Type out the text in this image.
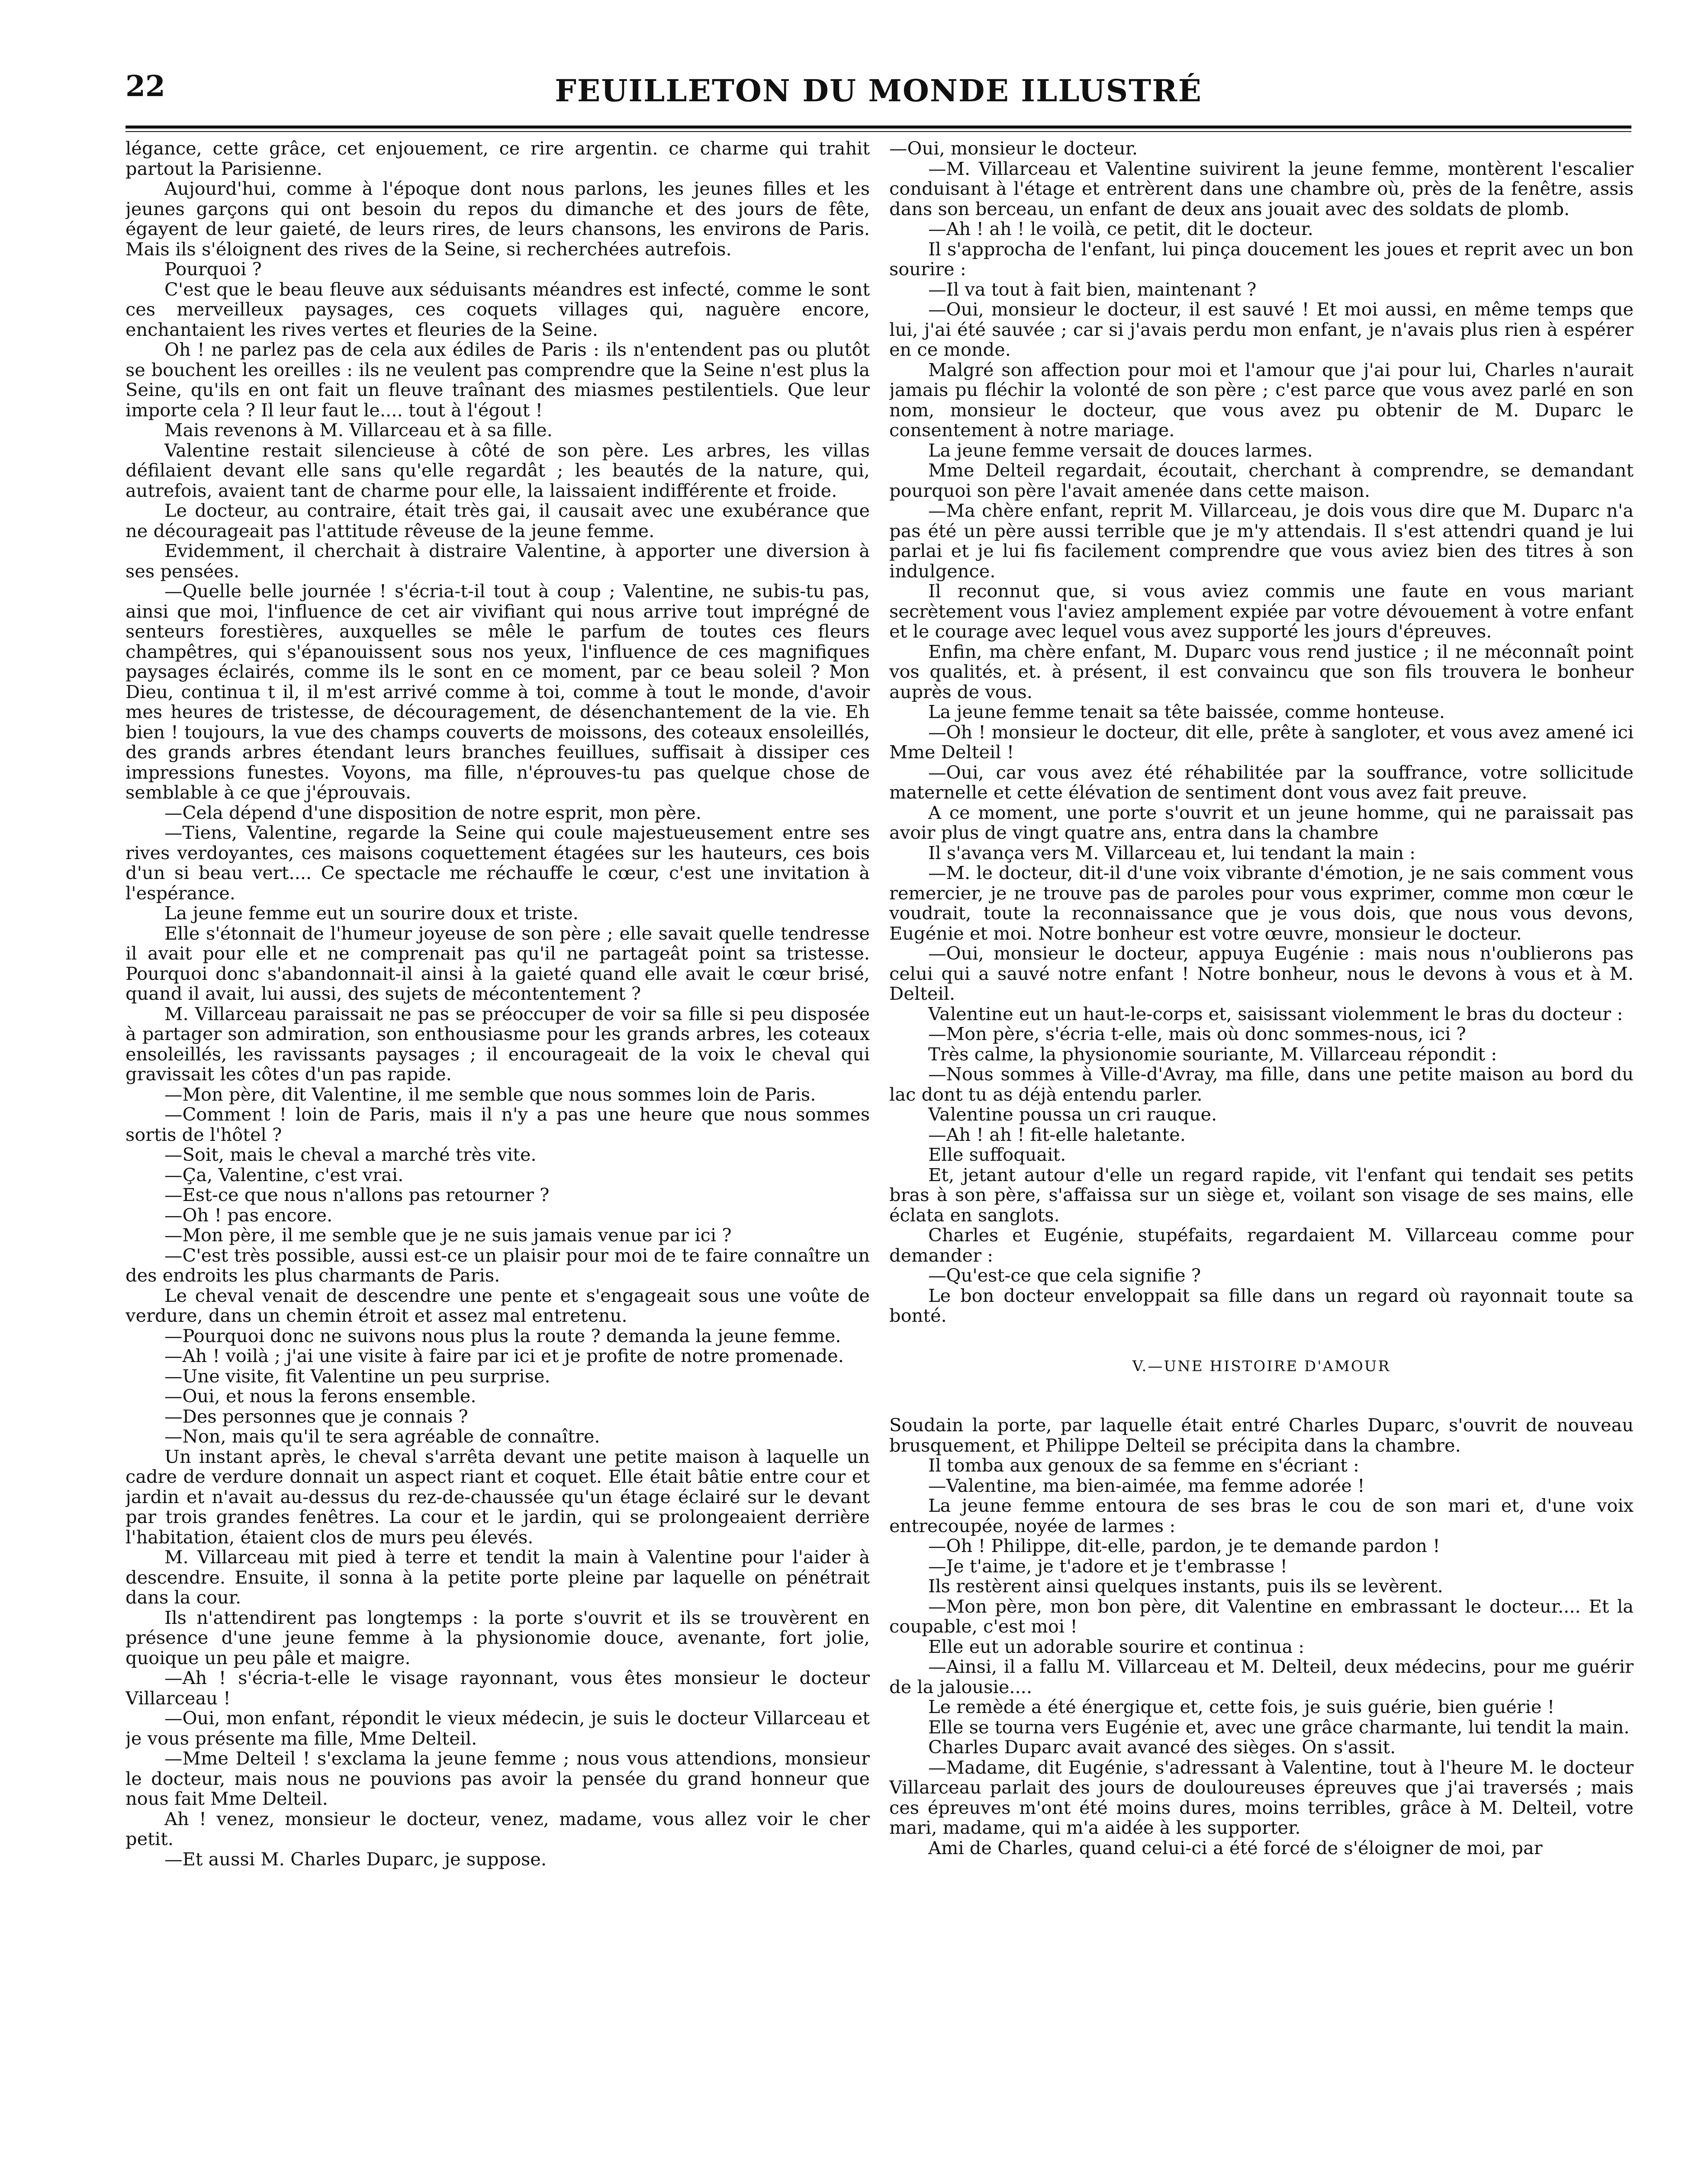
22	FEUILLETON DU MONDE ILLUSTRÉ

légance, cette grâce, cet enjouement, ce rire argentin. ce charme qui trahit partout la Parisienne.

Aujourd'hui, comme à l'époque dont nous parlons, les jeunes filles et les jeunes garçons qui ont besoin du repos du dimanche et des jours de fête, égayent de leur gaieté, de leurs rires, de leurs chansons, les environs de Paris. Mais ils s'éloignent des rives de la Seine, si recherchées autrefois.

Pourquoi ?

C'est que le beau fleuve aux séduisants méandres est infecté, comme le sont ces merveilleux paysages, ces coquets villages qui, naguère encore, enchantaient les rives vertes et fleuries de la Seine.

Oh ! ne parlez pas de cela aux édiles de Paris : ils n'entendent pas ou plutôt se bouchent les oreilles : ils ne veulent pas comprendre que la Seine n'est plus la Seine, qu'ils en ont fait un fleuve traînant des miasmes pestilentiels. Que leur importe cela ? Il leur faut le.... tout à l'égout !

Mais revenons à M. Villarceau et à sa fille.

Valentine restait silencieuse à côté de son père. Les arbres, les villas défilaient devant elle sans qu'elle regardât ; les beautés de la nature, qui, autrefois, avaient tant de charme pour elle, la laissaient indifférente et froide.

Le docteur, au contraire, était très gai, il causait avec une exubérance que ne décourageait pas l'attitude rêveuse de la jeune femme.

Evidemment, il cherchait à distraire Valentine, à apporter une diversion à ses pensées.

—Quelle belle journée ! s'écria-t-il tout à coup ; Valentine, ne subis-tu pas, ainsi que moi, l'influence de cet air vivifiant qui nous arrive tout imprégné de senteurs forestières, auxquelles se mêle le parfum de toutes ces fleurs champêtres, qui s'épanouissent sous nos yeux, l'influence de ces magnifiques paysages éclairés, comme ils le sont en ce moment, par ce beau soleil ? Mon Dieu, continua t il, il m'est arrivé comme à toi, comme à tout le monde, d'avoir mes heures de tristesse, de découragement, de désenchantement de la vie. Eh bien ! toujours, la vue des champs couverts de moissons, des coteaux ensoleillés, des grands arbres étendant leurs branches feuillues, suffisait à dissiper ces impressions funestes. Voyons, ma fille, n'éprouves-tu pas quelque chose de semblable à ce que j'éprouvais.

—Cela dépend d'une disposition de notre esprit, mon père.

—Tiens, Valentine, regarde la Seine qui coule majestueusement entre ses rives verdoyantes, ces maisons coquettement étagées sur les hauteurs, ces bois d'un si beau vert.... Ce spectacle me réchauffe le cœur, c'est une invitation à l'espérance.

La jeune femme eut un sourire doux et triste.

Elle s'étonnait de l'humeur joyeuse de son père ; elle savait quelle tendresse il avait pour elle et ne comprenait pas qu'il ne partageât point sa tristesse. Pourquoi donc s'abandonnait-il ainsi à la gaieté quand elle avait le cœur brisé, quand il avait, lui aussi, des sujets de mécontentement ?

M. Villarceau paraissait ne pas se préoccuper de voir sa fille si peu disposée à partager son admiration, son enthousiasme pour les grands arbres, les coteaux ensoleillés, les ravissants paysages ; il encourageait de la voix le cheval qui gravissait les côtes d'un pas rapide.

—Mon père, dit Valentine, il me semble que nous sommes loin de Paris.

—Comment ! loin de Paris, mais il n'y a pas une heure que nous sommes sortis de l'hôtel ?

—Soit, mais le cheval a marché très vite.

—Ça, Valentine, c'est vrai.

—Est-ce que nous n'allons pas retourner ?

—Oh ! pas encore.

—Mon père, il me semble que je ne suis jamais venue par ici ?

—C'est très possible, aussi est-ce un plaisir pour moi de te faire connaître un des endroits les plus charmants de Paris.

Le cheval venait de descendre une pente et s'engageait sous une voûte de verdure, dans un chemin étroit et assez mal entretenu.

—Pourquoi donc ne suivons nous plus la route ? demanda la jeune femme.

—Ah ! voilà ; j'ai une visite à faire par ici et je profite de notre promenade.

—Une visite, fit Valentine un peu surprise.

—Oui, et nous la ferons ensemble.

—Des personnes que je connais ?

—Non, mais qu'il te sera agréable de connaître.

Un instant après, le cheval s'arrêta devant une petite maison à laquelle un cadre de verdure donnait un aspect riant et coquet. Elle était bâtie entre cour et jardin et n'avait au-dessus du rez-de-chaussée qu'un étage éclairé sur le devant par trois grandes fenêtres. La cour et le jardin, qui se prolongeaient derrière l'habitation, étaient clos de murs peu élevés.

M. Villarceau mit pied à terre et tendit la main à Valentine pour l'aider à descendre. Ensuite, il sonna à la petite porte pleine par laquelle on pénétrait dans la cour.

Ils n'attendirent pas longtemps : la porte s'ouvrit et ils se trouvèrent en présence d'une jeune femme à la physionomie douce, avenante, fort jolie, quoique un peu pâle et maigre.

—Ah ! s'écria-t-elle le visage rayonnant, vous êtes monsieur le docteur Villarceau !

—Oui, mon enfant, répondit le vieux médecin, je suis le docteur Villarceau et je vous présente ma fille, Mme Delteil.

—Mme Delteil ! s'exclama la jeune femme ; nous vous attendions, monsieur le docteur, mais nous ne pouvions pas avoir la pensée du grand honneur que nous fait Mme Delteil.

Ah ! venez, monsieur le docteur, venez, madame, vous allez voir le cher petit.

—Et aussi M. Charles Duparc, je suppose.

—Oui, monsieur le docteur.

—M. Villarceau et Valentine suivirent la jeune femme, montèrent l'escalier conduisant à l'étage et entrèrent dans une chambre où, près de la fenêtre, assis dans son berceau, un enfant de deux ans jouait avec des soldats de plomb.

—Ah ! ah ! le voilà, ce petit, dit le docteur.

Il s'approcha de l'enfant, lui pinça doucement les joues et reprit avec un bon sourire :

—Il va tout à fait bien, maintenant ?

—Oui, monsieur le docteur, il est sauvé ! Et moi aussi, en même temps que lui, j'ai été sauvée ; car si j'avais perdu mon enfant, je n'avais plus rien à espérer en ce monde.

Malgré son affection pour moi et l'amour que j'ai pour lui, Charles n'aurait jamais pu fléchir la volonté de son père ; c'est parce que vous avez parlé en son nom, monsieur le docteur, que vous avez pu obtenir de M. Duparc le consentement à notre mariage.

La jeune femme versait de douces larmes.

Mme Delteil regardait, écoutait, cherchant à comprendre, se demandant pourquoi son père l'avait amenée dans cette maison.

—Ma chère enfant, reprit M. Villarceau, je dois vous dire que M. Duparc n'a pas été un père aussi terrible que je m'y attendais. Il s'est attendri quand je lui parlai et je lui fis facilement comprendre que vous aviez bien des titres à son indulgence.

Il reconnut que, si vous aviez commis une faute en vous mariant secrètement vous l'aviez amplement expiée par votre dévouement à votre enfant et le courage avec lequel vous avez supporté les jours d'épreuves.

Enfin, ma chère enfant, M. Duparc vous rend justice ; il ne méconnaît point vos qualités, et. à présent, il est convaincu que son fils trouvera le bonheur auprès de vous.

La jeune femme tenait sa tête baissée, comme honteuse.

—Oh ! monsieur le docteur, dit elle, prête à sangloter, et vous avez amené ici Mme Delteil !

—Oui, car vous avez été réhabilitée par la souffrance, votre sollicitude maternelle et cette élévation de sentiment dont vous avez fait preuve.

A ce moment, une porte s'ouvrit et un jeune homme, qui ne paraissait pas avoir plus de vingt quatre ans, entra dans la chambre

Il s'avança vers M. Villarceau et, lui tendant la main :

—M. le docteur, dit-il d'une voix vibrante d'émotion, je ne sais comment vous remercier, je ne trouve pas de paroles pour vous exprimer, comme mon cœur le voudrait, toute la reconnaissance que je vous dois, que nous vous devons, Eugénie et moi. Notre bonheur est votre œuvre, monsieur le docteur.

—Oui, monsieur le docteur, appuya Eugénie : mais nous n'oublierons pas celui qui a sauvé notre enfant ! Notre bonheur, nous le devons à vous et à M. Delteil.

Valentine eut un haut-le-corps et, saisissant violemment le bras du docteur :

—Mon père, s'écria t-elle, mais où donc sommes-nous, ici ?

Très calme, la physionomie souriante, M. Villarceau répondit :

—Nous sommes à Ville-d'Avray, ma fille, dans une petite maison au bord du lac dont tu as déjà entendu parler.

Valentine poussa un cri rauque.

—Ah ! ah ! fit-elle haletante.

Elle suffoquait.

Et, jetant autour d'elle un regard rapide, vit l'enfant qui tendait ses petits bras à son père, s'affaissa sur un siège et, voilant son visage de ses mains, elle éclata en sanglots.

Charles et Eugénie, stupéfaits, regardaient M. Villarceau comme pour demander :

—Qu'est-ce que cela signifie ?

Le bon docteur enveloppait sa fille dans un regard où rayonnait toute sa bonté.

V.—UNE HISTOIRE D'AMOUR

Soudain la porte, par laquelle était entré Charles Duparc, s'ouvrit de nouveau brusquement, et Philippe Delteil se précipita dans la chambre.

Il tomba aux genoux de sa femme en s'écriant :

—Valentine, ma bien-aimée, ma femme adorée !

La jeune femme entoura de ses bras le cou de son mari et, d'une voix entrecoupée, noyée de larmes :

—Oh ! Philippe, dit-elle, pardon, je te demande pardon !

—Je t'aime, je t'adore et je t'embrasse !

Ils restèrent ainsi quelques instants, puis ils se levèrent.

—Mon père, mon bon père, dit Valentine en embrassant le docteur.... Et la coupable, c'est moi !

Elle eut un adorable sourire et continua :

—Ainsi, il a fallu M. Villarceau et M. Delteil, deux médecins, pour me guérir de la jalousie....

Le remède a été énergique et, cette fois, je suis guérie, bien guérie !

Elle se tourna vers Eugénie et, avec une grâce charmante, lui tendit la main.

Charles Duparc avait avancé des sièges. On s'assit.

—Madame, dit Eugénie, s'adressant à Valentine, tout à l'heure M. le docteur Villarceau parlait des jours de douloureuses épreuves que j'ai traversés ; mais ces épreuves m'ont été moins dures, moins terribles, grâce à M. Delteil, votre mari, madame, qui m'a aidée à les supporter.

Ami de Charles, quand celui-ci a été forcé de s'éloigner de moi, par
